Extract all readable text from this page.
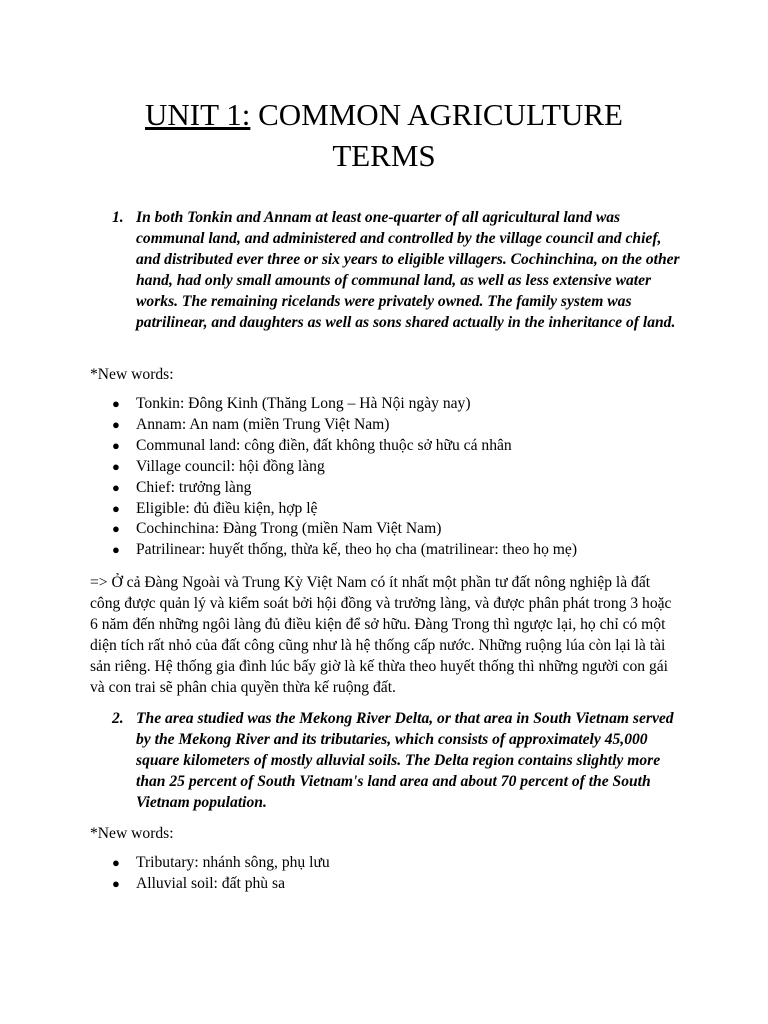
UNIT 1: COMMON AGRICULTURE TERMS
1. In both Tonkin and Annam at least one-quarter of all agricultural land was communal land, and administered and controlled by the village council and chief, and distributed ever three or six years to eligible villagers. Cochinchina, on the other hand, had only small amounts of communal land, as well as less extensive water works. The remaining ricelands were privately owned. The family system was patrilinear, and daughters as well as sons shared actually in the inheritance of land.
*New words:
● Tonkin: Đông Kinh (Thăng Long – Hà Nội ngày nay)
● Annam: An nam (miền Trung Việt Nam)
● Communal land: công điền, đất không thuộc sở hữu cá nhân
● Village council: hội đồng làng
● Chief: trưởng làng
● Eligible: đủ điều kiện, hợp lệ
● Cochinchina: Đàng Trong (miền Nam Việt Nam)
● Patrilinear: huyết thống, thừa kế, theo họ cha (matrilinear: theo họ mẹ)
=> Ở cả Đàng Ngoài và Trung Kỳ Việt Nam có ít nhất một phần tư đất nông nghiệp là đất công được quản lý và kiểm soát bởi hội đồng và trưởng làng, và được phân phát trong 3 hoặc 6 năm đến những ngôi làng đủ điều kiện để sở hữu. Đàng Trong thì ngược lại, họ chỉ có một diện tích rất nhỏ của đất công cũng như là hệ thống cấp nước. Những ruộng lúa còn lại là tài sản riêng. Hệ thống gia đình lúc bấy giờ là kế thừa theo huyết thống thì những người con gái và con trai sẽ phân chia quyền thừa kế ruộng đất.
2. The area studied was the Mekong River Delta, or that area in South Vietnam served by the Mekong River and its tributaries, which consists of approximately 45,000 square kilometers of mostly alluvial soils. The Delta region contains slightly more than 25 percent of South Vietnam's land area and about 70 percent of the South Vietnam population.
*New words:
● Tributary: nhánh sông, phụ lưu
● Alluvial soil: đất phù sa
